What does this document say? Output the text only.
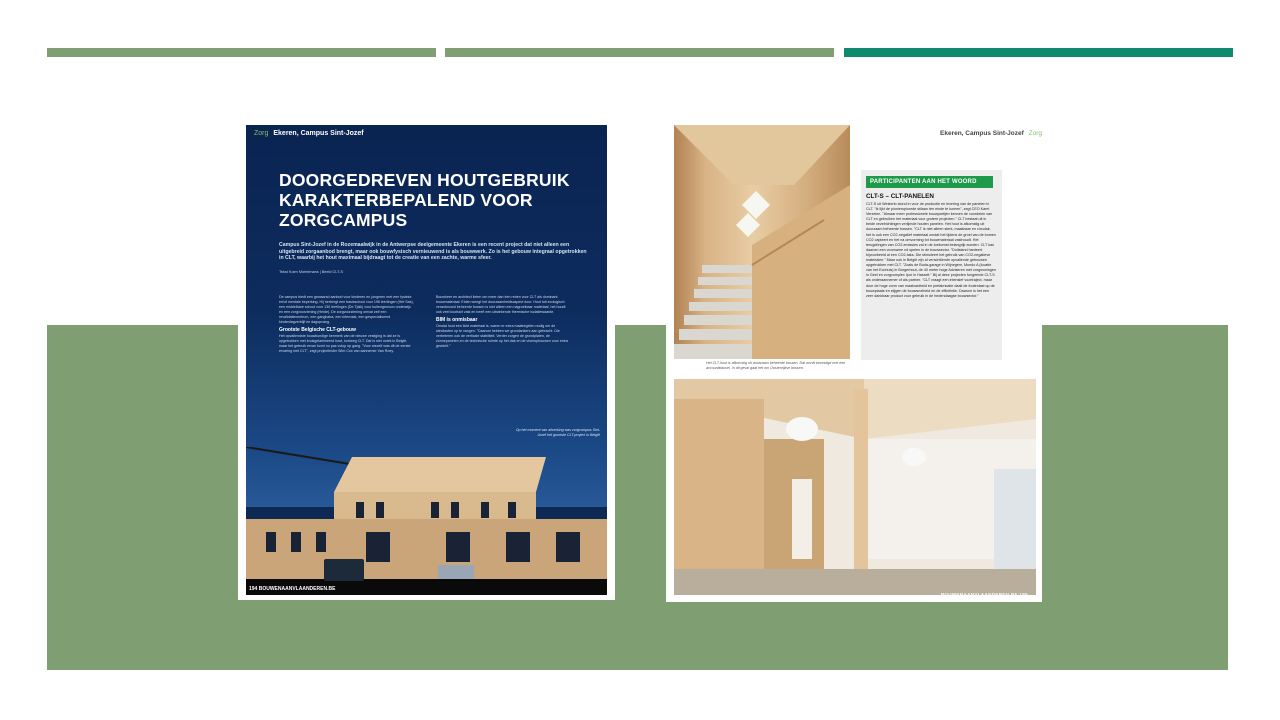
Zorg Ekeren, Campus Sint-Jozef
DOORGEDREVEN HOUTGEBRUIK KARAKTERBEPALEND VOOR ZORGCAMPUS
Campus Sint-Jozef in de Rozemaalwijk in de Antwerpse deelgemeente Ekeren is een recent project dat niet alleen een uitgebreid zorgaanbod brengt, maar ook bouwfysisch vernieuwend is als bouwwerk. Zo is het gebouw integraal opgetrokken in CLT, waarbij het hout maximaal bijdraagt tot de creatie van een zachte, warme sfeer.
Tekst Koen Mortelmans | Beeld CLT-S

De campus biedt een gewaarsd aanbod voor kinderen en jongeren met een fysieke en/of mentale beperking. Hij herbergt een basisschool voor 198 leerlingen (Het Sas), een middelbare school voor 130 leerlingen (De Tjalk) voor buitengewoon onderwijs en een zorgvoorziening (Heide). De zorgvoorziening omvat zelf een revalidatiecentrum, een gangbaba, een internaat, een gespecialiseerd kinderdagverblijf en dagopvang.

Grootste Belgische CLT-gebouw

Het opvallendste bouwkundige kenmerk van de nieuwe vestiging is dat ze is opgetrokken met kruisgelamineerd hout, kortweg CLT. Dat is niet uniek in België, maar het gebruik ervan komt nu pas volop op gang. "Voor mezelf was dit de eerste ervaring met CLT", zegt projectleider Wim Cox van aannemer Van Roey.

Bouwheer en architect lieten om meer dan één reden voor CLT als dominant bouwmateriaal. Eiden weegt het duurzaamheidsaspect door. Hout tuit ecologisch verantwoord beheerde bossen is niet alleen een nagroeibaar materiaal, het houdt ook veel koolstof vast en heeft een uitstekende thermische isolatiewaarde.

BIM is onmisbaar

Omdat hout een licht materiaal is, waren er extra maatregelen nodig om de windlasten op te vangen. "Daarom hebben we grondankers aan gebracht. Die verbeteren ook de verticale stabiliteit. Verder zorgen de grondplaten, de zonnepanelen en de technische ruimte op het dak en de vloeropbouwen voor extra gewicht."

Op het moment van afwerking was zorgcampus Sint-Jozef het grootste CLT-project in België
194 BOUWENAANVLAANDEREN.BE
Het CLT-hout is afkomstig uit duurzaam beheerde bossen. Dat wordt bevestigd met een accountklausel. In dit geval gaat het om Oostenrijkse bossen.
Ekeren, Campus Sint-Jozef Zorg
PARTICIPANTEN AAN HET WOORD
CLT-S – CLT-PANELEN
CLT-S uit Westerlo stond in voor de productie en levering van de panelen in CLT. "Ik lijkt de pionierspionrde stilaan ten einde te komen", zegt CEO Karel Verzelen. "Almaar meer professionele bouwpartijen kennen de voordelen van CLT en gebruiken het materiaal voor grotere projecten." CLT bestaat uit in beide vezelrichtingen verlijmde houten panelen. Het hout is afkomstig uit duurzaam beheerde bossen. "CLT is niet alleen sterk, maakbaar en circulair, het is ook een CO2-negatief materiaal omdat het tijdens de groei van de bomen CO2 capteert en het na omvorming tot bouwmateriaal vasthoudt. Het terugdringen van CO2-emissies zal in de toekomst belangrijk worden. CLT kan daarom een voorname rol spelen in de bouwsector. "Duitsland hanteert bijvoorbeeld al een CO2-taks. Die stimuleert het gebruik van CO2-negatieve materialen." Maar ook in België zijn al verschillende opvallende gebouwen opgetrokken met CLT. "Zoals de Buda-garage in Wijnegem, Mundo A (locatie van het Ecohuis) in Borgerhout, de 40 meter hoge Adviseren met zorgwoningen in Geel en zorgcomplex Ipor in Hasselt." Bij al deze projecten fungeerde CLT-S als onderaannemer of als partner. "CLT vraagt een intensief voortraject, maar door de hoge vorm van maatvastheid en prefabricatie daalt de foutenlast op de bouwplaats en stijgen de bouwsnelheid en de efficiëntie. Daarom is het een zeer dankbaar product voor gebruik in de hedendaagse bouwsector."
BOUWENAANVLAANDEREN.BE 195
